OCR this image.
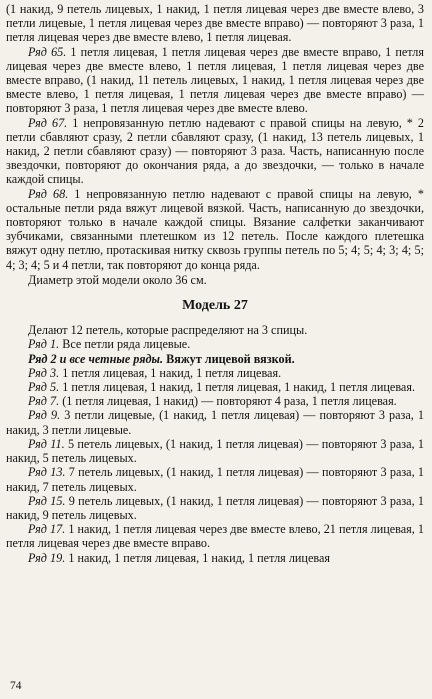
(1 накид, 9 петель лицевых, 1 накид, 1 петля лицевая через две вместе влево, 3 петли лицевые, 1 петля лицевая через две вместе вправо) — повторяют 3 раза, 1 петля лицевая через две вместе влево, 1 петля лицевая.

Ряд 65. 1 петля лицевая, 1 петля лицевая через две вместе вправо, 1 петля лицевая через две вместе влево, 1 петля лицевая, 1 петля лицевая через две вместе вправо, (1 накид, 11 петель лицевых, 1 накид, 1 петля лицевая через две вместе влево, 1 петля лицевая, 1 петля лицевая через две вместе вправо) — повторяют 3 раза, 1 петля лицевая через две вместе влево.

Ряд 67. 1 непровязанную петлю надевают с правой спицы на левую, * 2 петли сбавляют сразу, 2 петли сбавляют сразу, (1 накид, 13 петель лицевых, 1 накид, 2 петли сбавляют сразу) — повторяют 3 раза. Часть, написанную после звездочки, повторяют до окончания ряда, а до звездочки, — только в начале каждой спицы.

Ряд 68. 1 непровязанную петлю надевают с правой спицы на левую, * остальные петли ряда вяжут лицевой вязкой. Часть, написанную до звездочки, повторяют только в начале каждой спицы. Вязание салфетки заканчивают зубчиками, связанными плетешком из 12 петель. После каждого плетешка вяжут одну петлю, протаскивая нитку сквозь группы петель по 5; 4; 5; 4; 3; 4; 5; 4; 3; 4; 5 и 4 петли, так повторяют до конца ряда.

Диаметр этой модели около 36 см.

Модель 27

Делают 12 петель, которые распределяют на 3 спицы.

Ряд 1. Все петли ряда лицевые.

Ряд 2 и все четные ряды. Вяжут лицевой вязкой.

Ряд 3. 1 петля лицевая, 1 накид, 1 петля лицевая.

Ряд 5. 1 петля лицевая, 1 накид, 1 петля лицевая, 1 накид, 1 петля лицевая.

Ряд 7. (1 петля лицевая, 1 накид) — повторяют 4 раза, 1 петля лицевая.

Ряд 9. 3 петли лицевые, (1 накид, 1 петля лицевая) — повторяют 3 раза, 1 накид, 3 петли лицевые.

Ряд 11. 5 петель лицевых, (1 накид, 1 петля лицевая) — повторяют 3 раза, 1 накид, 5 петель лицевых.

Ряд 13. 7 петель лицевых, (1 накид, 1 петля лицевая) — повторяют 3 раза, 1 накид, 7 петель лицевых.

Ряд 15. 9 петель лицевых, (1 накид, 1 петля лицевая) — повторяют 3 раза, 1 накид, 9 петель лицевых.

Ряд 17. 1 накид, 1 петля лицевая через две вместе влево, 21 петля лицевая, 1 петля лицевая через две вместе вправо.

Ряд 19. 1 накид, 1 петля лицевая, 1 накид, 1 петля лицевая

74
